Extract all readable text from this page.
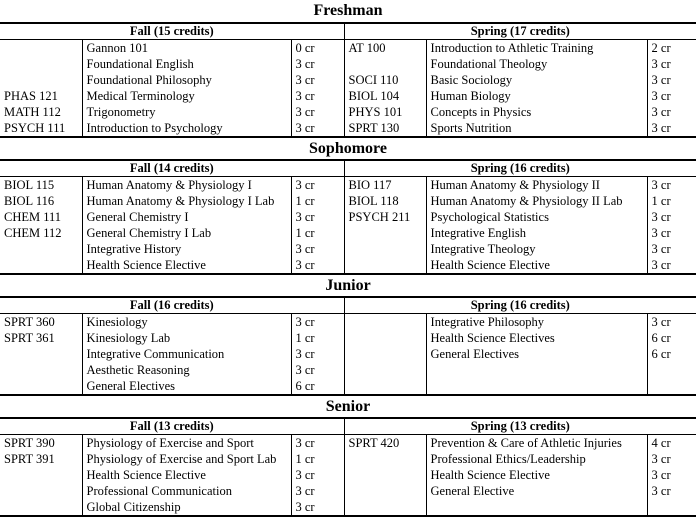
Freshman
Fall (15 credits)			Spring (17 credits)		
	Gannon 101	0 cr	AT 100	Introduction to Athletic Training	2 cr
	Foundational English	3 cr		Foundational Theology	3 cr
	Foundational Philosophy	3 cr	SOCI 110	Basic Sociology	3 cr
PHAS 121	Medical Terminology	3 cr	BIOL 104	Human Biology	3 cr
MATH 112	Trigonometry	3 cr	PHYS 101	Concepts in Physics	3 cr
PSYCH 111	Introduction to Psychology	3 cr	SPRT 130	Sports Nutrition	3 cr
Sophomore
Fall (14 credits)			Spring (16 credits)		
BIOL 115	Human Anatomy & Physiology I	3 cr	BIO 117	Human Anatomy & Physiology II	3 cr
BIOL 116	Human Anatomy & Physiology I Lab	1 cr	BIOL 118	Human Anatomy & Physiology II Lab	1 cr
CHEM 111	General Chemistry I	3 cr	PSYCH 211	Psychological Statistics	3 cr
CHEM 112	General Chemistry I Lab	1 cr		Integrative English	3 cr
	Integrative History	3 cr		Integrative Theology	3 cr
	Health Science Elective	3 cr		Health Science Elective	3 cr
Junior
Fall (16 credits)			Spring (16 credits)		
SPRT 360	Kinesiology	3 cr		Integrative Philosophy	3 cr
SPRT 361	Kinesiology Lab	1 cr		Health Science Electives	6 cr
	Integrative Communication	3 cr		General Electives	6 cr
	Aesthetic Reasoning	3 cr			
	General Electives	6 cr			
Senior
Fall (13 credits)			Spring (13 credits)		
SPRT 390	Physiology of Exercise and Sport	3 cr	SPRT 420	Prevention & Care of Athletic Injuries	4 cr
SPRT 391	Physiology of Exercise and Sport Lab	1 cr		Professional Ethics/Leadership	3 cr
	Health Science Elective	3 cr		Health Science Elective	3 cr
	Professional Communication	3 cr		General Elective	3 cr
	Global Citizenship	3 cr			
